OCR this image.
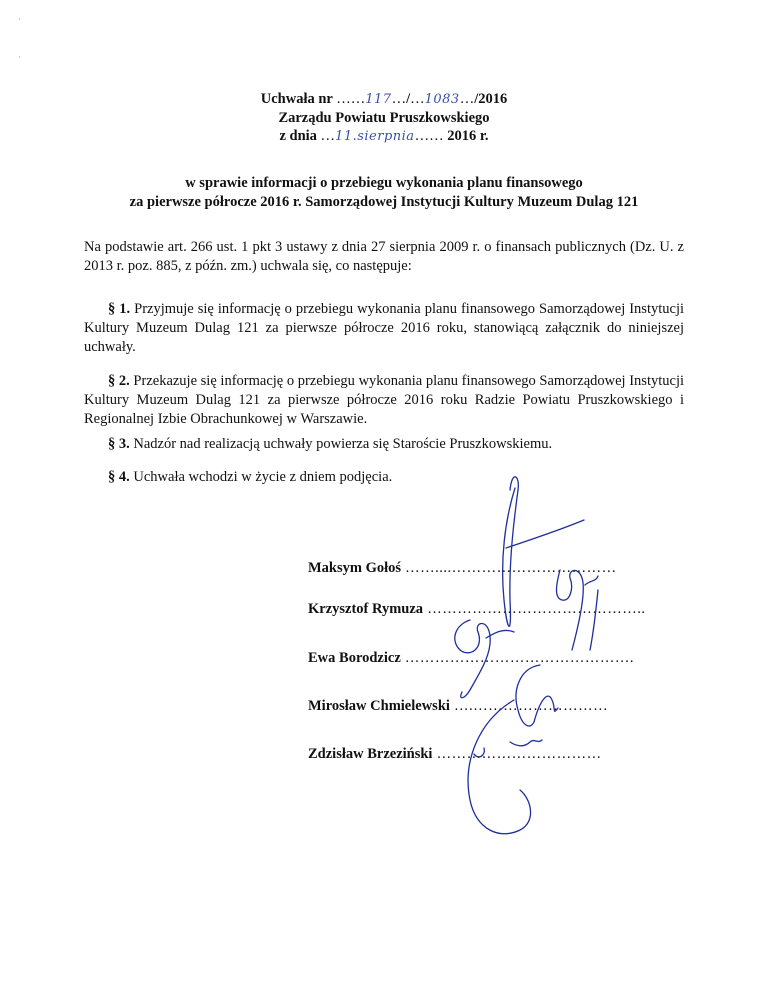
·
·
Uchwała nr ……117…/…1083…/2016
Zarządu Powiatu Pruszkowskiego
z dnia …11.sierpnia…… 2016 r.
w sprawie informacji o przebiegu wykonania planu finansowego
za pierwsze półrocze 2016 r. Samorządowej Instytucji Kultury Muzeum Dulag 121
Na podstawie art. 266 ust. 1 pkt 3 ustawy z dnia 27 sierpnia 2009 r. o finansach publicznych (Dz. U. z 2013 r. poz. 885, z późn. zm.) uchwala się, co następuje:
§ 1. Przyjmuje się informację o przebiegu wykonania planu finansowego Samorządowej Instytucji Kultury Muzeum Dulag 121 za pierwsze półrocze 2016 roku, stanowiącą załącznik do niniejszej uchwały.
§ 2. Przekazuje się informację o przebiegu wykonania planu finansowego Samorządowej Instytucji Kultury Muzeum Dulag 121 za pierwsze półrocze 2016 roku Radzie Powiatu Pruszkowskiego i Regionalnej Izbie Obrachunkowej w Warszawie.
§ 3. Nadzór nad realizacją uchwały powierza się Staroście Pruszkowskiemu.
§ 4. Uchwała wchodzi w życie z dniem podjęcia.
Maksym Gołoś ……....……………………………
Krzysztof Rymuza ……………………………………..
Ewa Borodzicz ……………………………………….
Mirosław Chmielewski ….………………………
Zdzisław Brzeziński ……………………………
